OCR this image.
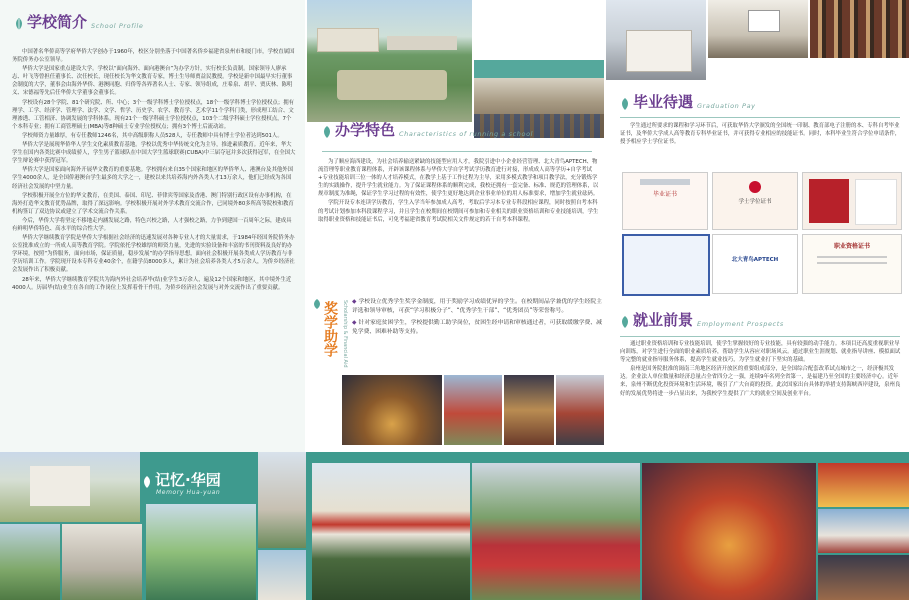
学校简介 School Profile

中国著名华侨高等学府华侨大学创办于1960年，校区分别坐落于中国著名侨乡福建省泉州市和厦门市，学校直属国务院侨务办公室领导。

华侨大学是国家重点建设大学。学校以“面向海外、面向港澳台”为办学方针，实行校长负责制。国家领导人廖承志、叶飞等曾担任董事长、次任校长，现任校长为华文教育专家，博士生导师贾益民教授。学校是新中国最早实行董事会制度的大学，董事会由海外华侨、港澳同胞、归侨等各界著名人士、专家、领导组成，庄希泉、胡平、贾庆林、陈明义、宋德福等先后任华侨大学董事会董事长。

学校设有28个学院、81个研究院、所、中心；3个一级学科博士学位授权点，18个一级学科博士学位授权点；拥有理学、工学、经济学、管理学、法学、文学、哲学、历史学、农学、教育学、艺术学11个学科门类，形成理工结合、文理渗透、工管相济、协调发展的学科体系。现有21个一级学科硕士学位授权点，103个二级学科硕士学位授权点，7个个本科专业；拥有工商管理硕士(MBA)等8种硕士专业学位授权点；拥有3个博士后流动站。

学校师资力量雄厚，有专任教师1246名，其中高级职称人员528人，专任教师中具有博士学位者达到501人。

华侨大学是展现华侨华人学生文化素质教育基地。学校以优秀中华传统文化为主导，推进素质教育。近年来，华大学生在国内各类比赛中成绩骄人，学生男子篮球队在中国大学生篮球联赛(CUBA)中三届夺冠并多次获得冠军，在全国大学生辩论赛中获得冠军。

华侨大学是国家面向海外开展华文教育的重要基地。学校拥有来自35个国家和地区的华侨华人、港澳台及其他外国学生4000余人，是全国侨港澳台学生最多的大学之一，建校以来共培养海内外各类人才13万余人，他们已经成为各国经济社会发展的中坚力量。

学校积极开展全方位的华文教育，在美国、泰国、印尼、菲律宾等国家及香港、澳门特别行政区设有办事机构，在海外打造华文教育优势品牌，取得了深远影响。学校积极开展对外学术教育交流合作，已同境外80多所高等院校和教育机构签订了双边协议或建立了学术交流合作关系。

今后，华侨大学将坚定不移地走内涵发展之路，特色兴校之路，人才强校之路，力争到建国一百周年之际，建成具有鲜明华侨特色、高水平的综合性大学。

华侨大学继续教育学院是华侨大学根据社会经济的迅速发展对各种专业人才的大量需求，于1984年经国务院侨务办公室批准成立的一所成人高等教育学院。学院依托学校雄厚的师资力量，先进的实验设备和丰富的书刊资料及良好的办学环境，按照“为侨服务，面向市场，保证质量，稳步发展”的办学指导思想，面向社会积极开展各类成人学历教育与非学历培训工作。学院现开设本专科专业40余个，在籍学员8000多人，累计为社会培养各类人才5万余人，为侨乡经济社会发展作出了积极贡献。

28年来，华侨大学继续教育学院共为海内外社会培养毕(结)业学生3万余人，遍及12个国家和地区，其中境外生近4000人。历届毕(结)业生在各自的工作岗位上发挥着骨干作用，为侨乡经济社会发展与对外交流作出了重要贡献。

办学特色 Characteristics of running a school

为了顺应海西建设，为社会培养输送紧缺的技能型应用人才，我院引进中小企业经营管理、北大青鸟APTECH、物流管理等职业教育课程体系，开辟该课程体系与华侨大学自学考试学历教育进行对接，形成成人高等学历+自学考试+专业技能培训三位一体的人才培养模式，在教学上基于工作过程为主导，采用多模式教学和项目教学法，充分锻炼学生的实践操作，提升学生就业能力。为了保证课程体系的顺利完成，我校还拥有一套完备、标准、规范的管理体系，以规章制度为准绳，保证学生学习过程的有效性，使学生更好地达到企业事业单位的用人标准要求，增加学生就业砝码。

学院开设专本连读学历教育，学生入学当年参加成人高考，考取后学习本专业专科段相应课程，同时按照自考本科的考试计划参加本科段课程学习，并且学生在校期间在校期间可参加和专业相关的职业资格培训和专业技能培训，学生取得职业资格和技能证书后，可免考福建省教育考试院相关文件规定的若干自考本科课程。

奖学助学 Scholarship & Financial Aid ◆ 学校设立优秀学生奖学金制度，用于奖励学习成绩优异的学生。在校期间品学兼优的学生经院主评选和领导审核，可获“学习积极分子”、“优秀学生干部”、“优秀团员”等荣誉称号。
◆ 针对家庭贫困学生，学校提供勤工助学岗位，贫困生经申请和审核通过者，可获取缓缴学费、减免学费、困难补助等支持。
毕业待遇 Graduation Pay

学生通过所要求的课程和学习环节后，可获取华侨大学颁发的全国统一印制、教育部电子注册的本、专科自考毕业证书，及华侨大学成人高等教育专科毕业证书，并可获得专业相应的技能证书。同时，本科毕业生符合学位申请条件，授予相应学士学位证书。

毕业证书
学士学位证书
北大青鸟APTECH
职业资格证书
就业前景 Employment Prospects

通过职业资格培训和专业技能培训，使学生掌握较好的专业技能，具有较强的动手能力。本项目还高度重视职业导向训练，对学生进行全面的职业素质培养，帮助学生从容应对职场风云。通过职业生涯规划、就业指导讲座、模拟面试等完整的就业指导服务体系，提高学生就业技巧，为学生就业打下坚实的基础。

泉州是国务院批准的闽南三角地区经济开放区的重要组成部分，是全国综合配套改革试点城市之一，经济极其发达。企业法人单位数量和经济总量占全省四分之一强，连续9年名列全省第一，是福建乃至全国的主要经济中心。近年来，泉州不断优化投资环境和生活环境，吸引了广大台商的投资。此次国家出台具体的举措支持海峡西岸建设，泉州良好的发展优势将进一步凸显出来，为我校学生提供了广大的就业空间及创业平台。

记忆·华园
Memory Hua-yuan
